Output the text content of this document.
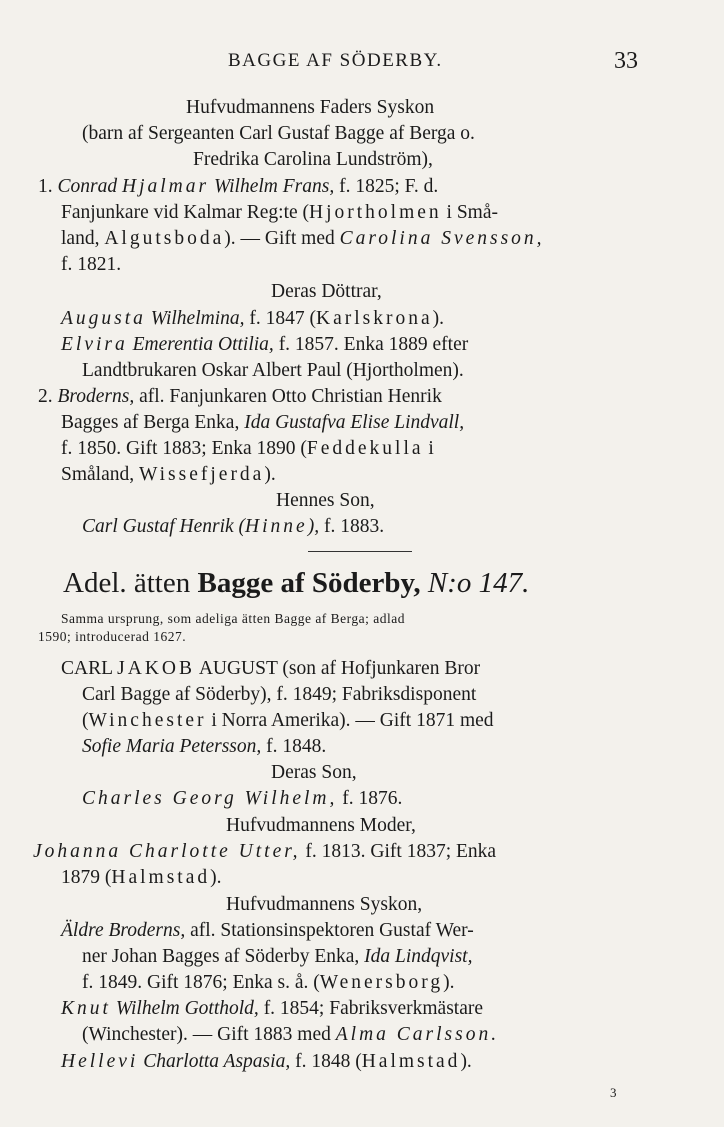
BAGGE AF SÖDERBY.	33
Hufvudmannens Faders Syskon
(barn af Sergeanten Carl Gustaf Bagge af Berga o.
Fredrika Carolina Lundström),
1. Conrad Hjalmar Wilhelm Frans, f. 1825; F. d.
Fanjunkare vid Kalmar Reg:te (Hjortholmen i Små-
land, Algutsboda). — Gift med Carolina Svensson,
f. 1821.
Deras Döttrar,
Augusta Wilhelmina, f. 1847 (Karlskrona).
Elvira Emerentia Ottilia, f. 1857. Enka 1889 efter
Landtbrukaren Oskar Albert Paul (Hjortholmen).
2. Broderns, afl. Fanjunkaren Otto Christian Henrik
Bagges af Berga Enka, Ida Gustafva Elise Lindvall,
f. 1850. Gift 1883; Enka 1890 (Feddekulla i
Småland, Wissefjerda).
Hennes Son,
Carl Gustaf Henrik (Hinne), f. 1883.
Adel. ätten Bagge af Söderby, N:o 147.
Samma ursprung, som adeliga ätten Bagge af Berga; adlad
1590; introducerad 1627.
CARL JAKOB AUGUST (son af Hofjunkaren Bror
Carl Bagge af Söderby), f. 1849; Fabriksdisponent
(Winchester i Norra Amerika). — Gift 1871 med
Sofie Maria Petersson, f. 1848.
Deras Son,
Charles Georg Wilhelm, f. 1876.
Hufvudmannens Moder,
Johanna Charlotte Utter, f. 1813. Gift 1837; Enka
1879 (Halmstad).
Hufvudmannens Syskon,
Äldre Broderns, afl. Stationsinspektoren Gustaf Wer-
ner Johan Bagges af Söderby Enka, Ida Lindqvist,
f. 1849. Gift 1876; Enka s. å. (Wenersborg).
Knut Wilhelm Gotthold, f. 1854; Fabriksverkmästare
(Winchester). — Gift 1883 med Alma Carlsson.
Hellevi Charlotta Aspasia, f. 1848 (Halmstad).
3
